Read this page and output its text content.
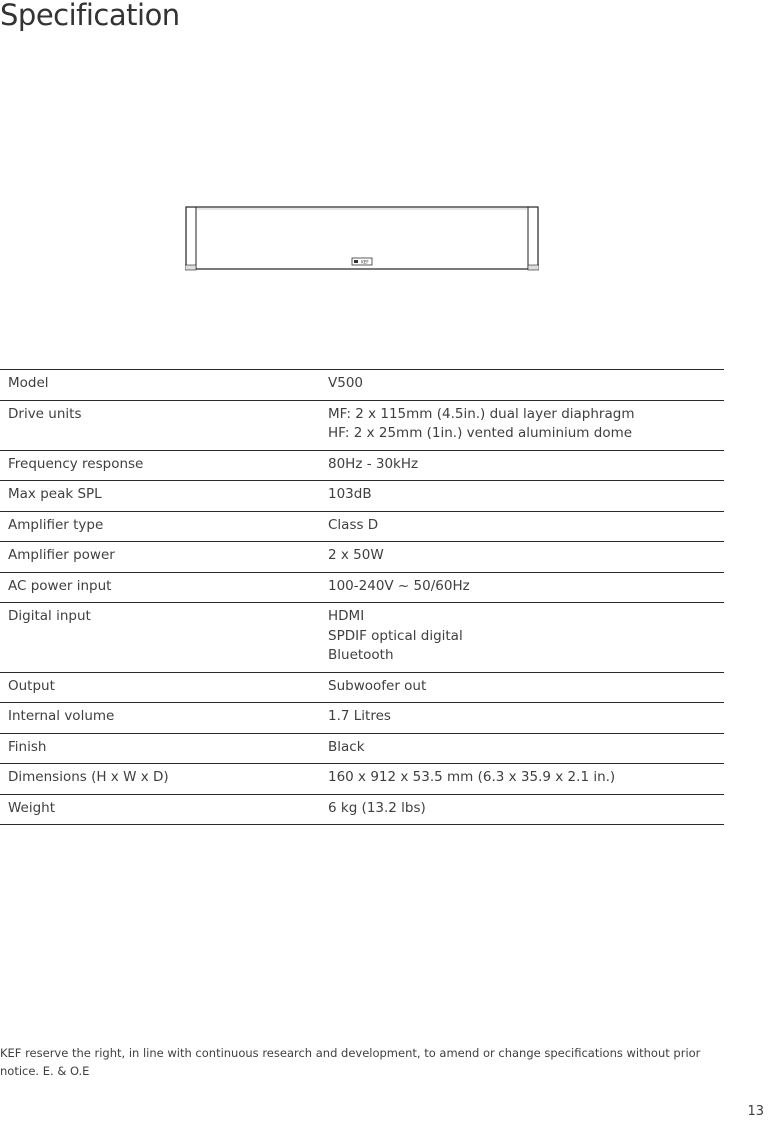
Specification
KEF
Model	V500

Drive units	MF: 2 x 115mm (4.5in.) dual layer diaphragm
HF: 2 x 25mm (1in.) vented aluminium dome

Frequency response	80Hz - 30kHz

Max peak SPL	103dB

Amplifier type	Class D

Amplifier power	2 x 50W

AC power input	100-240V ~ 50/60Hz

Digital input	HDMI
SPDIF optical digital
Bluetooth

Output	Subwoofer out

Internal volume	1.7 Litres

Finish	Black

Dimensions (H x W x D)	160 x 912 x 53.5 mm (6.3 x 35.9 x 2.1 in.)

Weight	6 kg (13.2 lbs)

KEF reserve the right, in line with continuous research and development, to amend or change specifications without prior notice. E. & O.E

13
